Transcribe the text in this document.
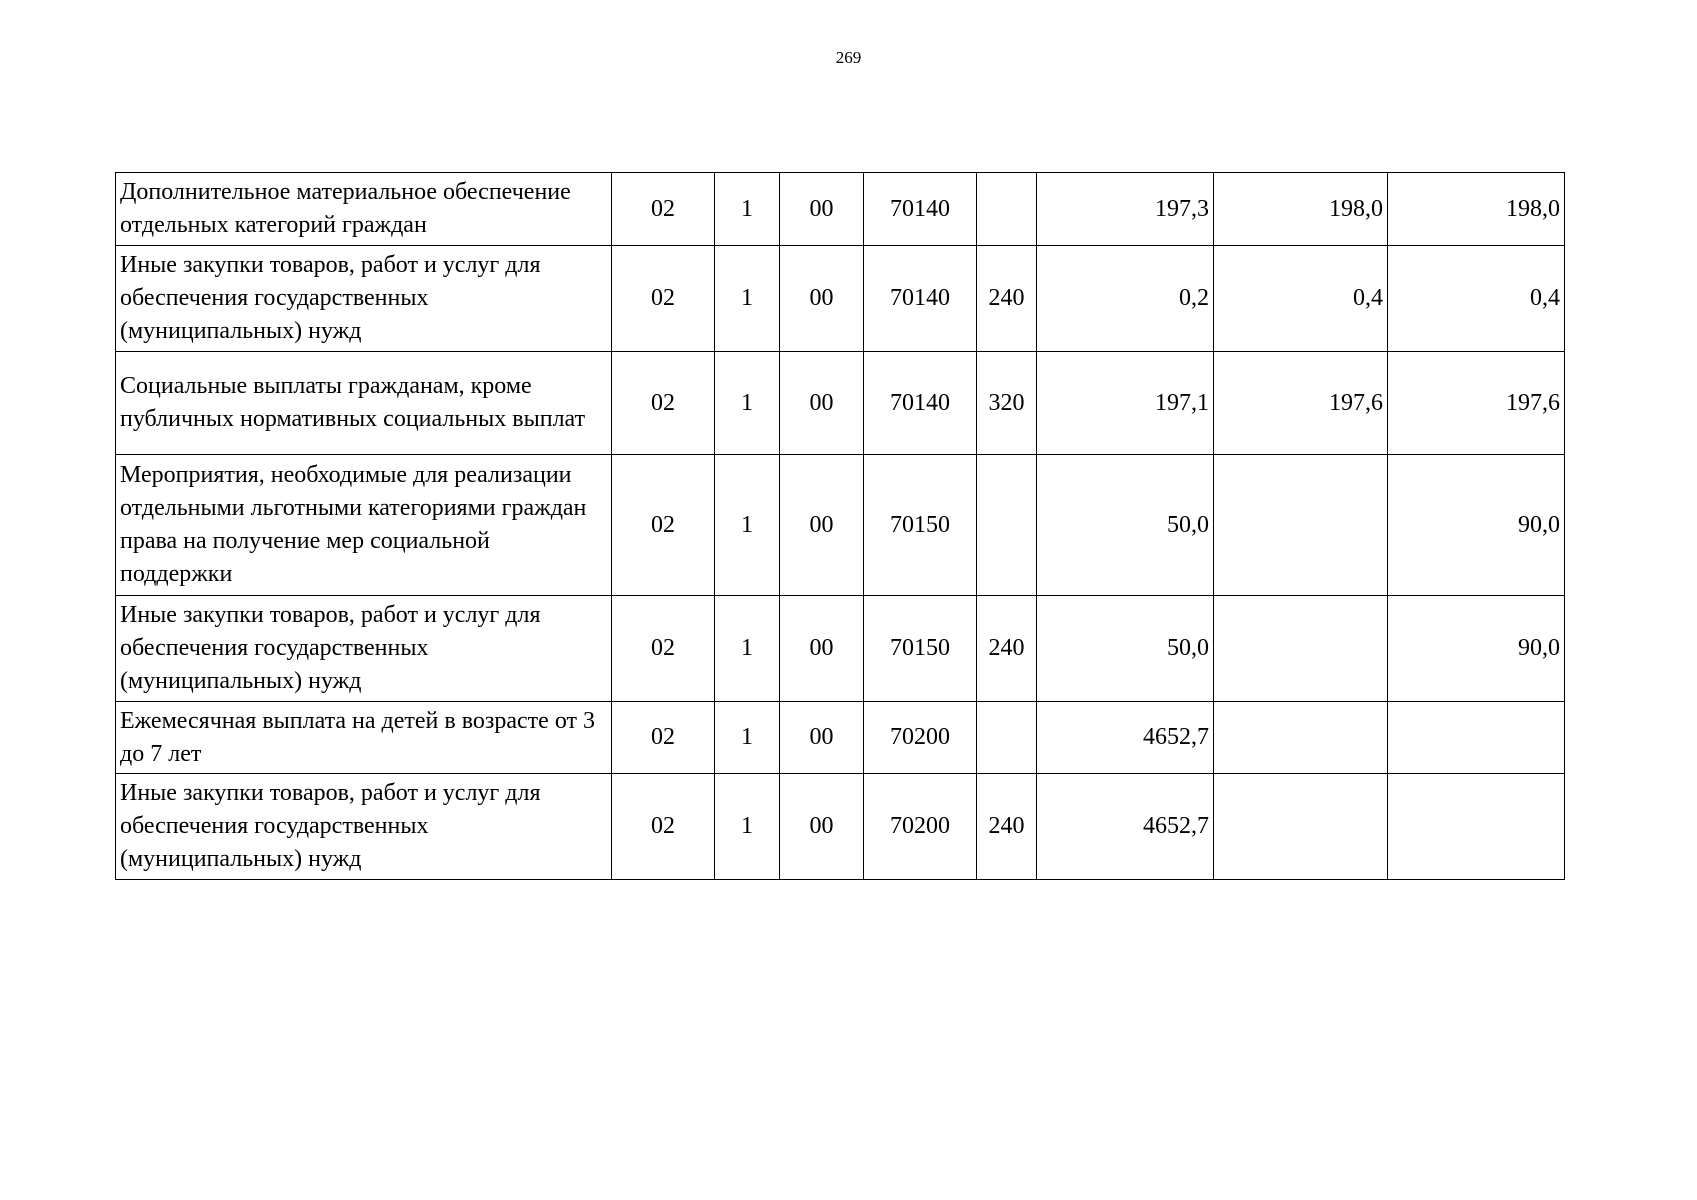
269
Дополнительное материальное обеспечение отдельных категорий граждан	02	1	00	70140		197,3	198,0	198,0
Иные закупки товаров, работ и услуг для обеспечения государственных (муниципальных) нужд	02	1	00	70140	240	0,2	0,4	0,4
Социальные выплаты гражданам, кроме публичных нормативных социальных выплат	02	1	00	70140	320	197,1	197,6	197,6
Мероприятия, необходимые для реализации отдельными льготными категориями граждан права на получение мер социальной поддержки	02	1	00	70150		50,0		90,0
Иные закупки товаров, работ и услуг для обеспечения государственных (муниципальных) нужд	02	1	00	70150	240	50,0		90,0
Ежемесячная выплата на детей в возрасте от 3 до 7 лет	02	1	00	70200		4652,7		
Иные закупки товаров, работ и услуг для обеспечения государственных (муниципальных) нужд	02	1	00	70200	240	4652,7		
